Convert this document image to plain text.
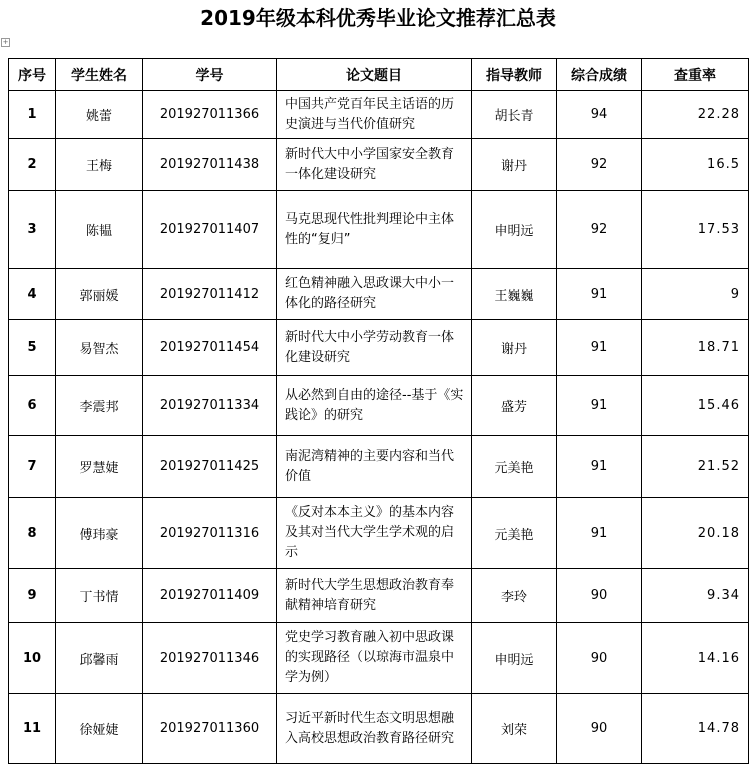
2019年级本科优秀毕业论文推荐汇总表
+
序号	学生姓名	学号	论文题目	指导教师	综合成绩	查重率
1	姚蕾	201927011366	中国共产党百年民主话语的历史演进与当代价值研究	胡长青	94	22.28
2	王梅	201927011438	新时代大中小学国家安全教育一体化建设研究	谢丹	92	16.5
3	陈韫	201927011407	马克思现代性批判理论中主体性的“复归”	申明远	92	17.53
4	郭丽媛	201927011412	红色精神融入思政课大中小一体化的路径研究	王巍巍	91	9
5	易智杰	201927011454	新时代大中小学劳动教育一体化建设研究	谢丹	91	18.71
6	李震邦	201927011334	从必然到自由的途径--基于《实践论》的研究	盛芳	91	15.46
7	罗慧婕	201927011425	南泥湾精神的主要内容和当代价值	元美艳	91	21.52
8	傅玮豪	201927011316	《反对本本主义》的基本内容及其对当代大学生学术观的启示	元美艳	91	20.18
9	丁书情	201927011409	新时代大学生思想政治教育奉献精神培育研究	李玲	90	9.34
10	邱馨雨	201927011346	党史学习教育融入初中思政课的实现路径（以琼海市温泉中学为例）	申明远	90	14.16
11	徐娅婕	201927011360	习近平新时代生态文明思想融入高校思想政治教育路径研究	刘荣	90	14.78
